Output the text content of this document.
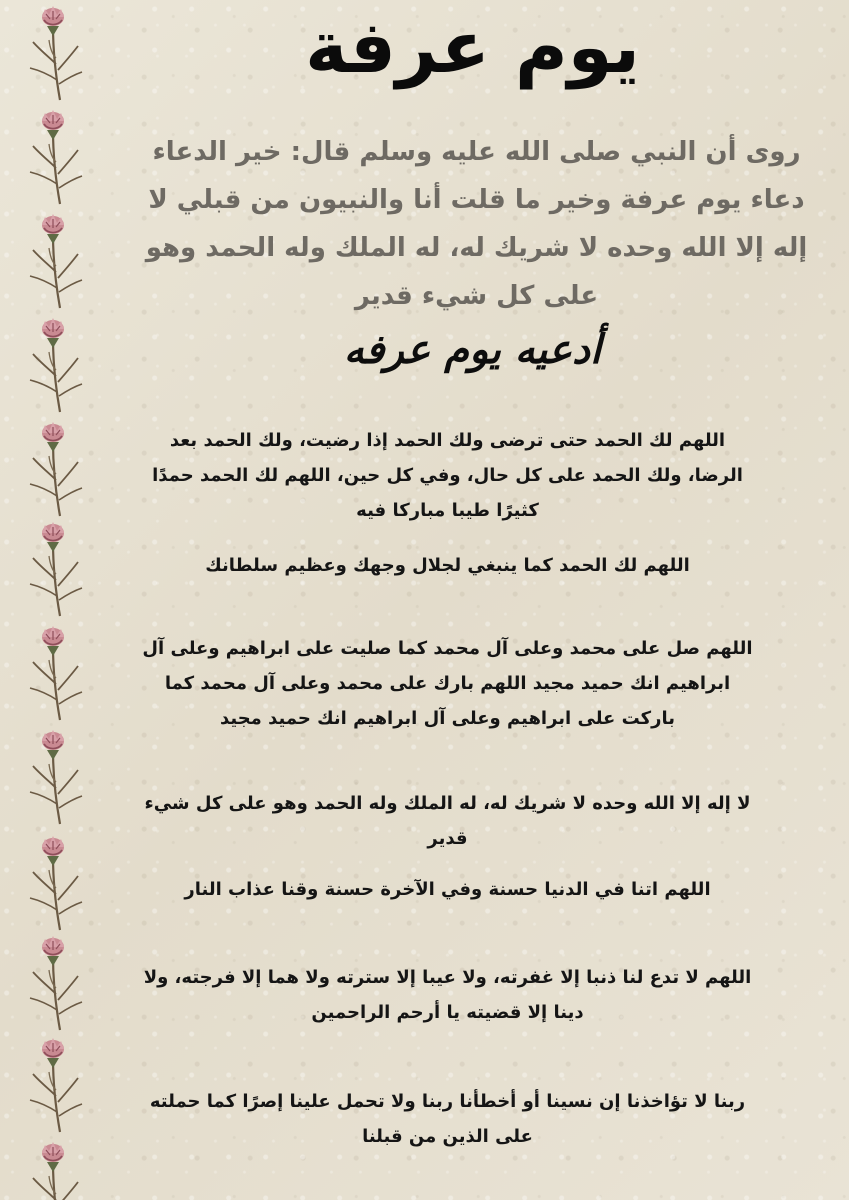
يوم عرفة

روى أن النبي صلى الله عليه وسلم قال: خير الدعاء دعاء يوم عرفة وخير ما قلت أنا والنبيون من قبلي لا إله إلا الله وحده لا شريك له، له الملك وله الحمد وهو على كل شيء قدير

أدعيه يوم عرفه

اللهم لك الحمد حتى ترضى ولك الحمد إذا رضيت، ولك الحمد بعد الرضا، ولك الحمد على كل حال، وفي كل حين، اللهم لك الحمد حمدًا كثيرًا طيبا مباركا فيه

اللهم لك الحمد كما ينبغي لجلال وجهك وعظيم سلطانك

اللهم صل على محمد وعلى آل محمد كما صليت على ابراهيم وعلى آل ابراهيم انك حميد مجيد اللهم بارك على محمد وعلى آل محمد كما باركت على ابراهيم وعلى آل ابراهيم انك حميد مجيد

لا إله إلا الله وحده لا شريك له، له الملك وله الحمد وهو على كل شيء قدير

اللهم اتنا في الدنيا حسنة وفي الآخرة حسنة وقنا عذاب النار

اللهم لا تدع لنا ذنبا إلا غفرته، ولا عيبا إلا سترته ولا هما إلا فرجته، ولا دينا إلا قضيته يا أرحم الراحمين

ربنا لا تؤاخذنا إن نسينا أو أخطأنا ربنا ولا تحمل علينا إصرًا كما حملته على الذين من قبلنا
